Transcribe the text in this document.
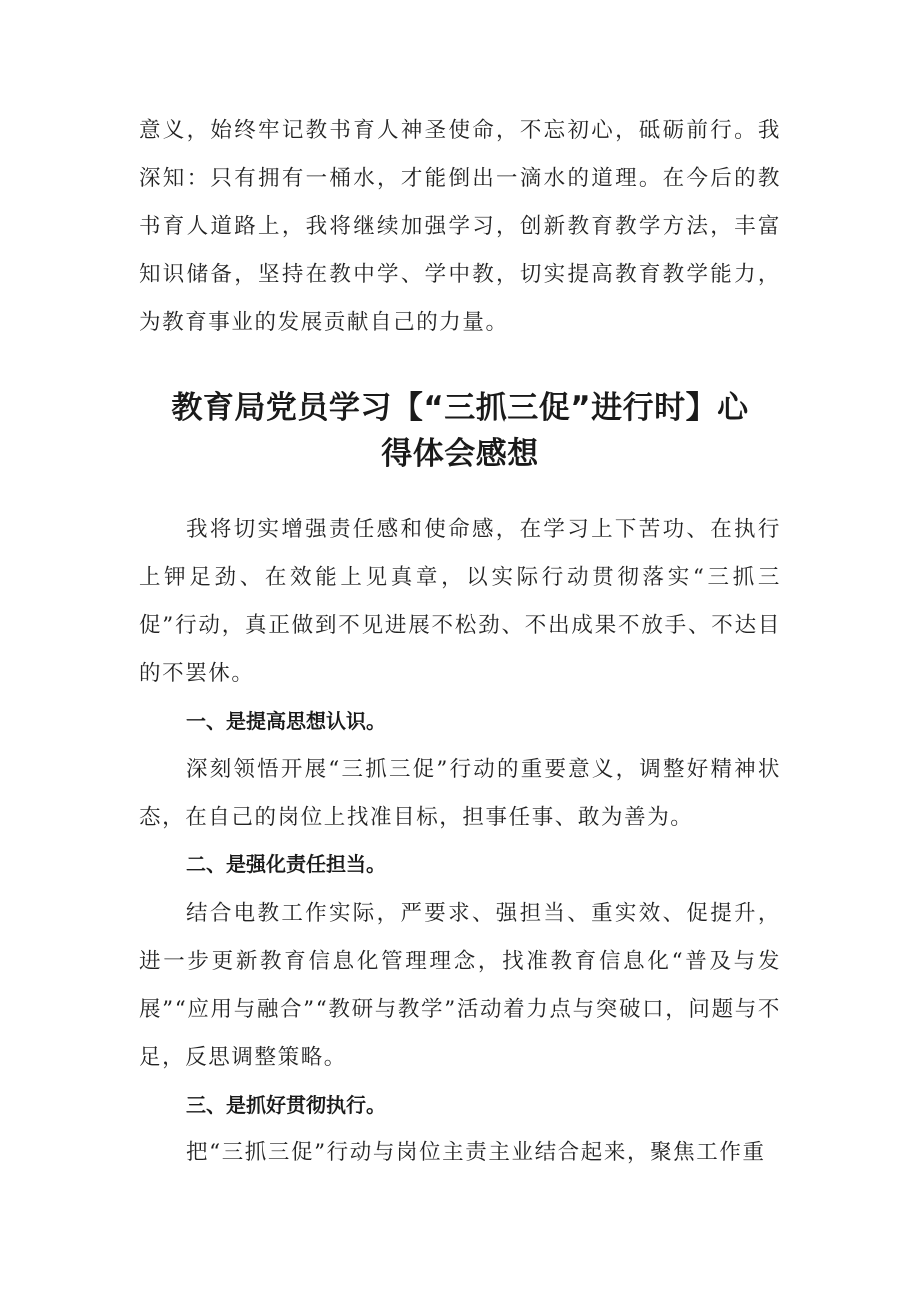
意义，始终牢记教书育人神圣使命，不忘初心，砥砺前行。我深知：只有拥有一桶水，才能倒出一滴水的道理。在今后的教书育人道路上，我将继续加强学习，创新教育教学方法，丰富知识储备，坚持在教中学、学中教，切实提高教育教学能力，为教育事业的发展贡献自己的力量。
教育局党员学习【“三抓三促”进行时】心
得体会感想
我将切实增强责任感和使命感，在学习上下苦功、在执行上钾足劲、在效能上见真章，以实际行动贯彻落实“三抓三促”行动，真正做到不见进展不松劲、不出成果不放手、不达目的不罢休。
一、是提高思想认识。
深刻领悟开展“三抓三促”行动的重要意义，调整好精神状态，在自己的岗位上找准目标，担事任事、敢为善为。
二、是强化责任担当。
结合电教工作实际，严要求、强担当、重实效、促提升，进一步更新教育信息化管理理念，找准教育信息化“普及与发展”“应用与融合”“教研与教学”活动着力点与突破口，问题与不足，反思调整策略。
三、是抓好贯彻执行。
把“三抓三促”行动与岗位主责主业结合起来，聚焦工作重
